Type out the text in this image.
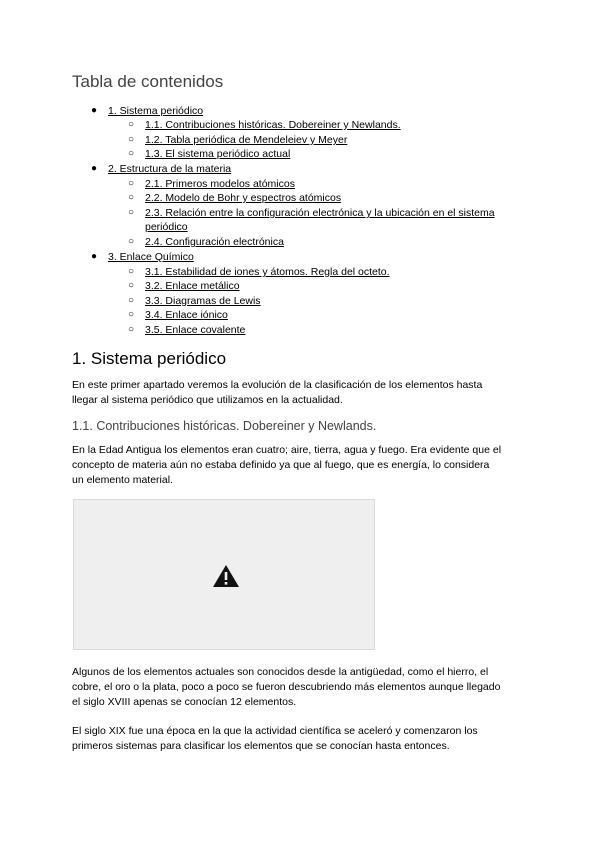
Tabla de contenidos
● 1. Sistema periódico
○ 1.1. Contribuciones históricas. Dobereiner y Newlands.
○ 1.2. Tabla periódica de Mendeleiev y Meyer
○ 1.3. El sistema periódico actual
● 2. Estructura de la materia
○ 2.1. Primeros modelos atómicos
○ 2.2. Modelo de Bohr y espectros atómicos
○ 2.3. Relación entre la configuración electrónica y la ubicación en el sistema
periódico
○ 2.4. Configuración electrónica
● 3. Enlace Químico
○ 3.1. Estabilidad de iones y átomos. Regla del octeto.
○ 3.2. Enlace metálico
○ 3.3. Diagramas de Lewis
○ 3.4. Enlace iónico
○ 3.5. Enlace covalente
1. Sistema periódico
En este primer apartado veremos la evolución de la clasificación de los elementos hasta
llegar al sistema periódico que utilizamos en la actualidad.
1.1. Contribuciones históricas. Dobereiner y Newlands.
En la Edad Antigua los elementos eran cuatro; aire, tierra, agua y fuego. Era evidente que el
concepto de materia aún no estaba definido ya que al fuego, que es energía, lo considera
un elemento material.
Algunos de los elementos actuales son conocidos desde la antigüedad, como el hierro, el
cobre, el oro o la plata, poco a poco se fueron descubriendo más elementos aunque llegado
el siglo XVIII apenas se conocían 12 elementos.
El siglo XIX fue una época en la que la actividad científica se aceleró y comenzaron los
primeros sistemas para clasificar los elementos que se conocían hasta entonces.
